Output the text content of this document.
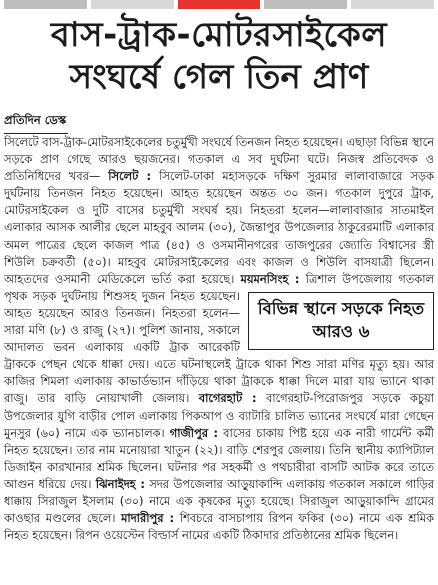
বাস-ট্রাক-মোটরসাইকেল
সংঘর্ষে গেল তিন প্রাণ
প্রতিদিন ডেস্ক

সিলেটে বাস-ট্রাক-মোটরসাইকেলের চতুর্মুখী সংঘর্ষে তিনজন নিহত হয়েছেন। এছাড়া বিভিন্ন স্থানে সড়কে প্রাণ গেছে আরও ছয়জনের। গতকাল এ সব দুর্ঘটনা ঘটে। নিজস্ব প্রতিবেদক ও প্রতিনিধিদের খবর— সিলেট : সিলেট-ঢাকা মহাসড়কে দক্ষিণ সুরমার লালাবাজারে সড়ক দুর্ঘটনায় তিনজন নিহত হয়েছেন। আহত হয়েছেন অন্তত ৩০ জন। গতকাল দুপুরে ট্রাক, মোটরসাইকেল ও দুটি বাসের চতুর্মুখী সংঘর্ষ হয়। নিহতরা হলেন—লালাবাজার সাতমাইল এলাকার আসক আলীর ছেলে মাহবুব আলম (৩০), জৈন্তাপুর উপজেলার ঠাকুরেরমাটি এলাকার অমল পাত্রের ছেলে কাজল পাত্র (৪৫) ও ওসমানীনগরের তাজপুরের জ্যোতি বিশ্বাসের স্ত্রী শিউলি চক্রবর্তী (৫০)। মাহবুব মোটরসাইকেলের এবং কাজল ও শিউলি বাসযাত্রী ছিলেন। আহতদের ওসমানী মেডিকেলে ভর্তি করা হয়েছে। ময়মনসিংহ :
বিভিন্ন স্থানে সড়কে নিহত আরও ৬
ত্রিশাল উপজেলায় গতকাল পৃথক সড়ক দুর্ঘটনায় শিশুসহ দুজন নিহত হয়েছেন। আহত হয়েছেন আরও তিনজন। নিহতরা হলেন— সারা মণি (৮) ও রাজু (২৭)। পুলিশ জানায়, সকালে আদালত ভবন এলাকায় একটি ট্রাক আরেকটি ট্রাককে পেছন থেকে ধাক্কা দেয়। এতে ঘটনাস্থলেই ট্রাকে থাকা শিশু সারা মণির মৃত্যু হয়। আর কাজির শিমলা এলাকায় কাভার্ডভ্যান দাঁড়িয়ে থাকা ট্রাককে ধাক্কা দিলে মারা যায় ভ্যানে থাকা রাজু। তার বাড়ি নোয়াখালী জেলায়। বাগেরহাট : বাগেরহাট-পিরোজপুর সড়কে কচুয়া উপজেলার যুগি বাড়ীর পোল এলাকায় পিকআপ ও ব্যাটারি চালিত ভ্যানের সংঘর্ষে মারা গেছেন মুনসুর (৬০) নামে এক ভ্যানচালক। গাজীপুর : বাসের চাকায় পিষ্ট হয়ে এক নারী গার্মেন্ট কর্মী নিহত হয়েছেন। তার নাম মনোয়ারা খাতুন (২২)। বাড়ি শেরপুর জেলায়। তিনি স্থানীয় ক্যাপিট্যাল ডিজাইন কারখানার শ্রমিক ছিলেন। ঘটনার পর সহকর্মী ও পথচারীরা বাসটি আটক করে তাতে আগুন ধরিয়ে দেয়। ঝিনাইদহ : সদর উপজেলার আড়ুয়াকান্দি এলাকায় গতকাল সকালে গাড়ির ধাক্কায় সিরাজুল ইসলাম (৩০) নামে এক কৃষকের মৃত্যু হয়েছে। সিরাজুল আড়ুয়াকান্দি গ্রামের কাওছার মণ্ডলের ছেলে। মাদারীপুর : শিবচরে বাসচাপায় রিপন ফকির (৩০) নামে এক শ্রমিক নিহত হয়েছেন। রিপন ওয়েস্টেন বিল্ডার্স নামের একটি ঠিকাদার প্রতিষ্ঠানের শ্রমিক ছিলেন।
